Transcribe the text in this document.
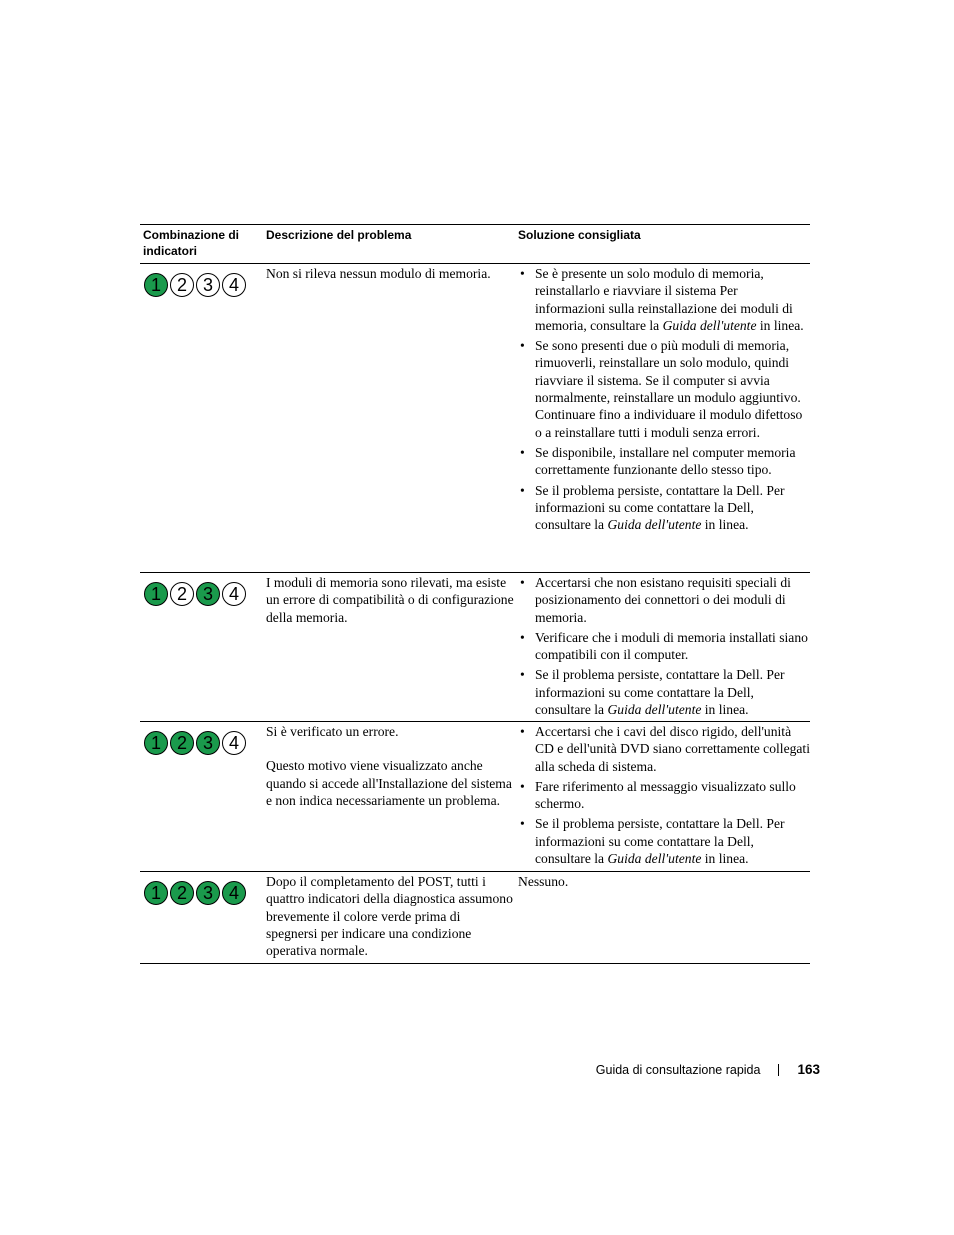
Combinazione di indicatori
Descrizione del problema	Soluzione consigliata
1 2 3 4

Non si rileva nessun modulo di memoria.

•	Se è presente un solo modulo di memoria, reinstallarlo e riavviare il sistema Per informazioni sulla reinstallazione dei moduli di memoria, consultare la Guida dell'utente in linea.
• Se sono presenti due o più moduli di memoria, rimuoverli, reinstallare un solo modulo, quindi riavviare il sistema. Se il computer si avvia normalmente, reinstallare un modulo aggiuntivo. Continuare fino a individuare il modulo difettoso o a reinstallare tutti i moduli senza errori.
• Se disponibile, installare nel computer memoria correttamente funzionante dello stesso tipo.
• Se il problema persiste, contattare la Dell. Per informazioni su come contattare la Dell, consultare la Guida dell'utente in linea.
1 2 3 4

I moduli di memoria sono rilevati, ma esiste un errore di compatibilità o di configurazione della memoria.

• Accertarsi che non esistano requisiti speciali di posizionamento dei connettori o dei moduli di memoria.
• Verificare che i moduli di memoria installati siano compatibili con il computer.
• Se il problema persiste, contattare la Dell. Per informazioni su come contattare la Dell, consultare la Guida dell'utente in linea.
1 2 3 4

Si è verificato un errore.

Questo motivo viene visualizzato anche quando si accede all'Installazione del sistema e non indica necessariamente un problema.

• Accertarsi che i cavi del disco rigido, dell'unità CD e dell'unità DVD siano correttamente collegati alla scheda di sistema.
• Fare riferimento al messaggio visualizzato sullo schermo.
• Se il problema persiste, contattare la Dell. Per informazioni su come contattare la Dell, consultare la Guida dell'utente in linea.
1 2 3 4

Dopo il completamento del POST, tutti i quattro indicatori della diagnostica assumono brevemente il colore verde prima di spegnersi per indicare una condizione operativa normale.

Nessuno.
Guida di consultazione rapida	163
